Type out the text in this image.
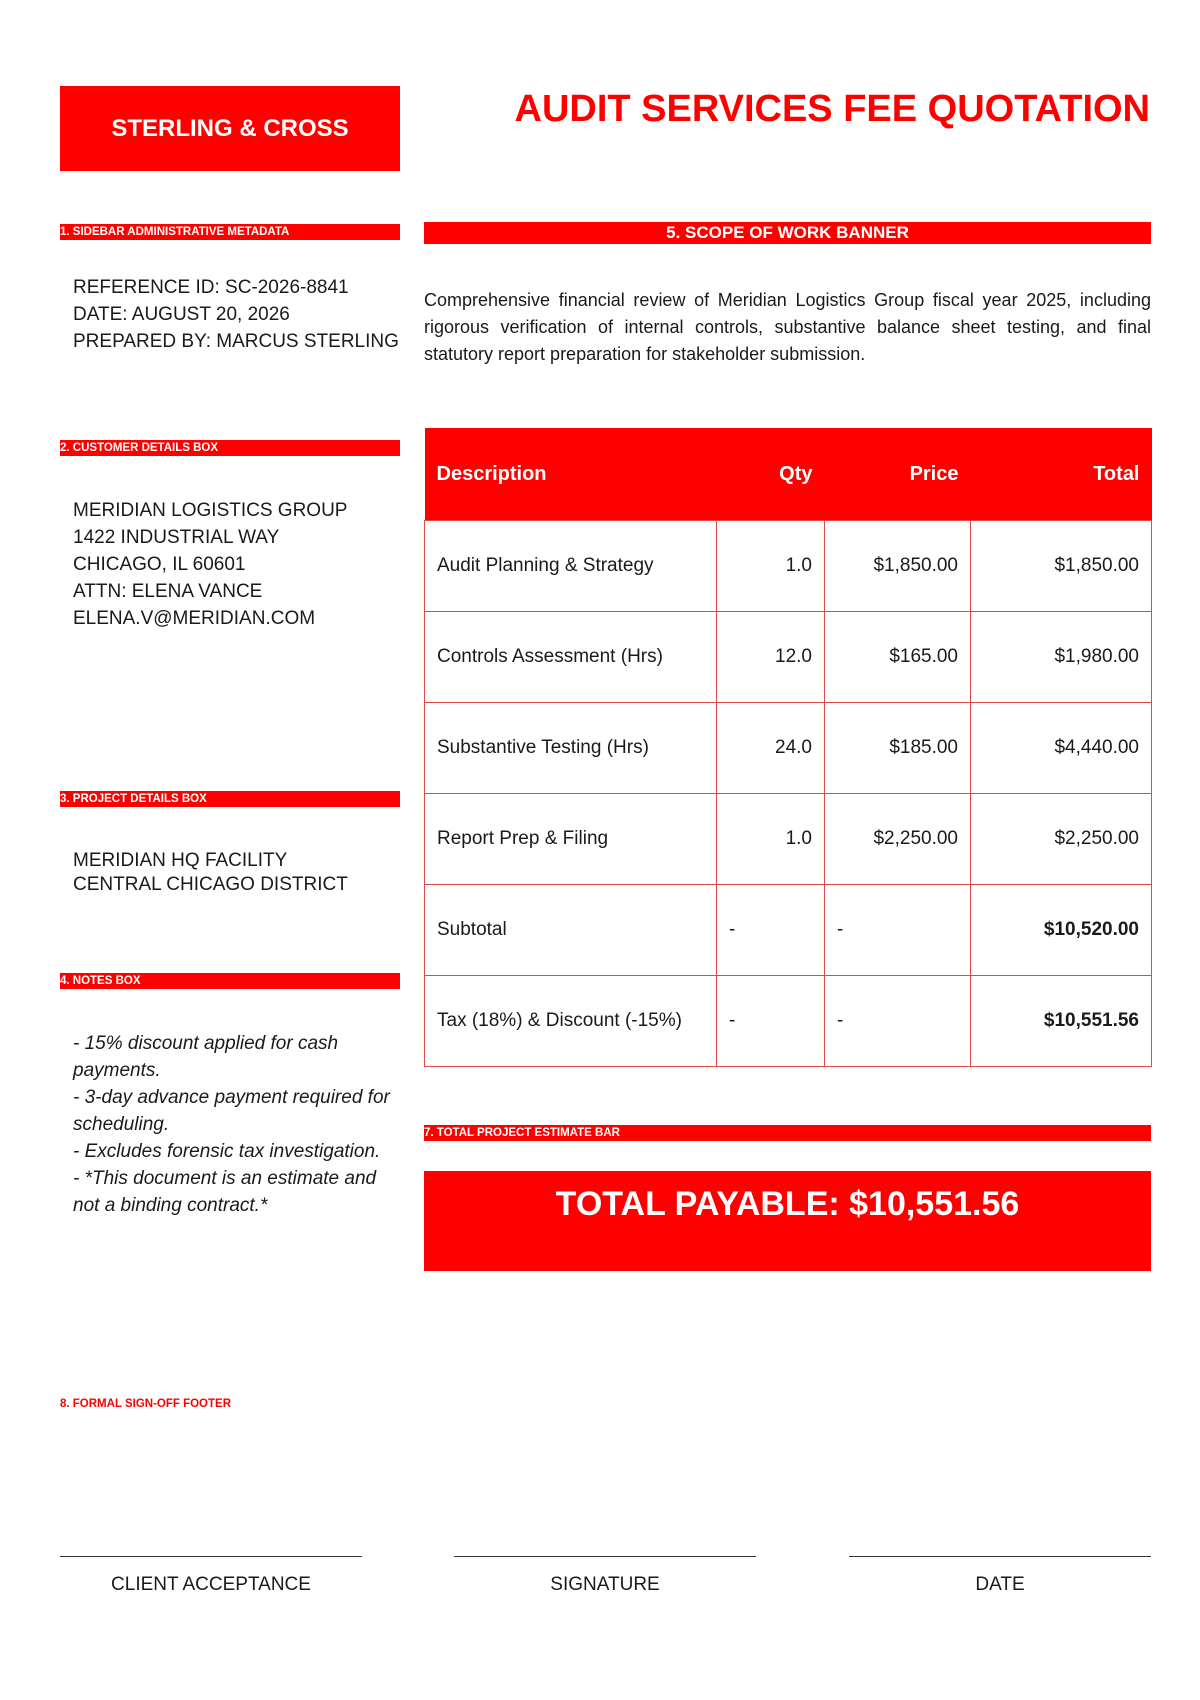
STERLING & CROSS	AUDIT SERVICES FEE QUOTATION
1. SIDEBAR ADMINISTRATIVE METADATA
REFERENCE ID: SC-2026-8841
DATE: AUGUST 20, 2026
PREPARED BY: MARCUS STERLING
2. CUSTOMER DETAILS BOX
MERIDIAN LOGISTICS GROUP
1422 INDUSTRIAL WAY
CHICAGO, IL 60601
ATTN: ELENA VANCE
ELENA.V@MERIDIAN.COM
3. PROJECT DETAILS BOX
MERIDIAN HQ FACILITY
CENTRAL CHICAGO DISTRICT
4. NOTES BOX
- 15% discount applied for cash payments.
- 3-day advance payment required for scheduling.
- Excludes forensic tax investigation.
- *This document is an estimate and not a binding contract.*
5. SCOPE OF WORK BANNER
Comprehensive financial review of Meridian Logistics Group fiscal year 2025, including rigorous verification of internal controls, substantive balance sheet testing, and final statutory report preparation for stakeholder submission.
Description	Qty	Price	Total
Audit Planning & Strategy	1.0	$1,850.00	$1,850.00
Controls Assessment (Hrs)	12.0	$165.00	$1,980.00
Substantive Testing (Hrs)	24.0	$185.00	$4,440.00
Report Prep & Filing	1.0	$2,250.00	$2,250.00
Subtotal	-	-	$10,520.00
Tax (18%) & Discount (-15%)	-	-	$10,551.56
7. TOTAL PROJECT ESTIMATE BAR
TOTAL PAYABLE: $10,551.56
8. FORMAL SIGN-OFF FOOTER
CLIENT ACCEPTANCE	SIGNATURE	DATE
